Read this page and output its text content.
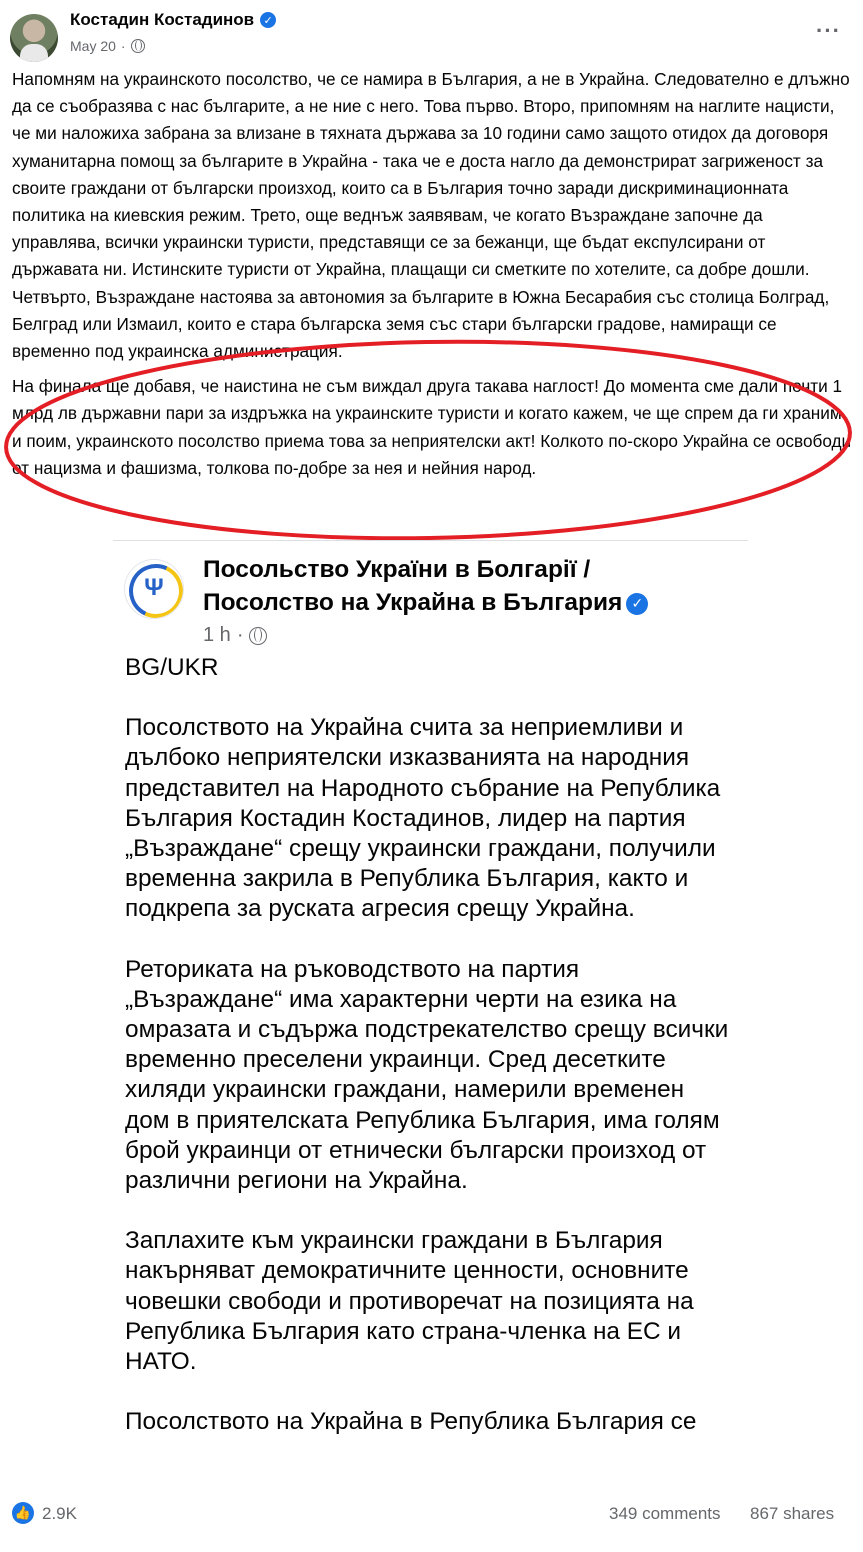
Костадин Костадинов ✓
May 20 ·
···

Напомням на украинското посолство, че се намира в България, а не в Украйна. Следователно е длъжно да се съобразява с нас българите, а не ние с него. Това първо. Второ, припомням на наглите нацисти, че ми наложиха забрана за влизане в тяхната държава за 10 години само защото отидох да договоря хуманитарна помощ за българите в Украйна - така че е доста нагло да демонстрират загриженост за своите граждани от български произход, които са в България точно заради дискриминационната политика на киевския режим. Трето, още веднъж заявявам, че когато Възраждане започне да управлява, всички украински туристи, представящи се за бежанци, ще бъдат експулсирани от държавата ни. Истинските туристи от Украйна, плащащи си сметките по хотелите, са добре дошли. Четвърто, Възраждане настоява за автономия за българите в Южна Бесарабия със столица Болград, Белград или Измаил, които е стара българска земя със стари български градове, намиращи се временно под украинска администрация.

На финала ще добавя, че наистина не съм виждал друга такава наглост! До момента сме дали почти 1 млрд лв държавни пари за издръжка на украинските туристи и когато кажем, че ще спрем да ги храним и поим, украинското посолство приема това за неприятелски акт! Колкото по-скоро Украйна се освободи от нацизма и фашизма, толкова по-добре за нея и нейния народ.

Ψ
Посольство України в Болгарії / Посолство на Украйна в България ✓
1 h ·

BG/UKR

Посолството на Украйна счита за неприемливи и дълбоко неприятелски изказванията на народния представител на Народното събрание на Република България Костадин Костадинов, лидер на партия „Възраждане“ срещу украински граждани, получили временна закрила в Република България, както и подкрепа за руската агресия срещу Украйна.

Реториката на ръководството на партия „Възраждане“ има характерни черти на езика на омразата и съдържа подстрекателство срещу всички временно преселени украинци. Сред десетките хиляди украински граждани, намерили временен дом в приятелската Република България, има голям брой украинци от етнически български произход от различни региони на Украйна.

Заплахите към украински граждани в България накърняват демократичните ценности, основните човешки свободи и противоречат на позицията на Република България като страна-членка на ЕС и НАТО.

Посолството на Украйна в Република България се

👍 2.9K	349 comments 867 shares
